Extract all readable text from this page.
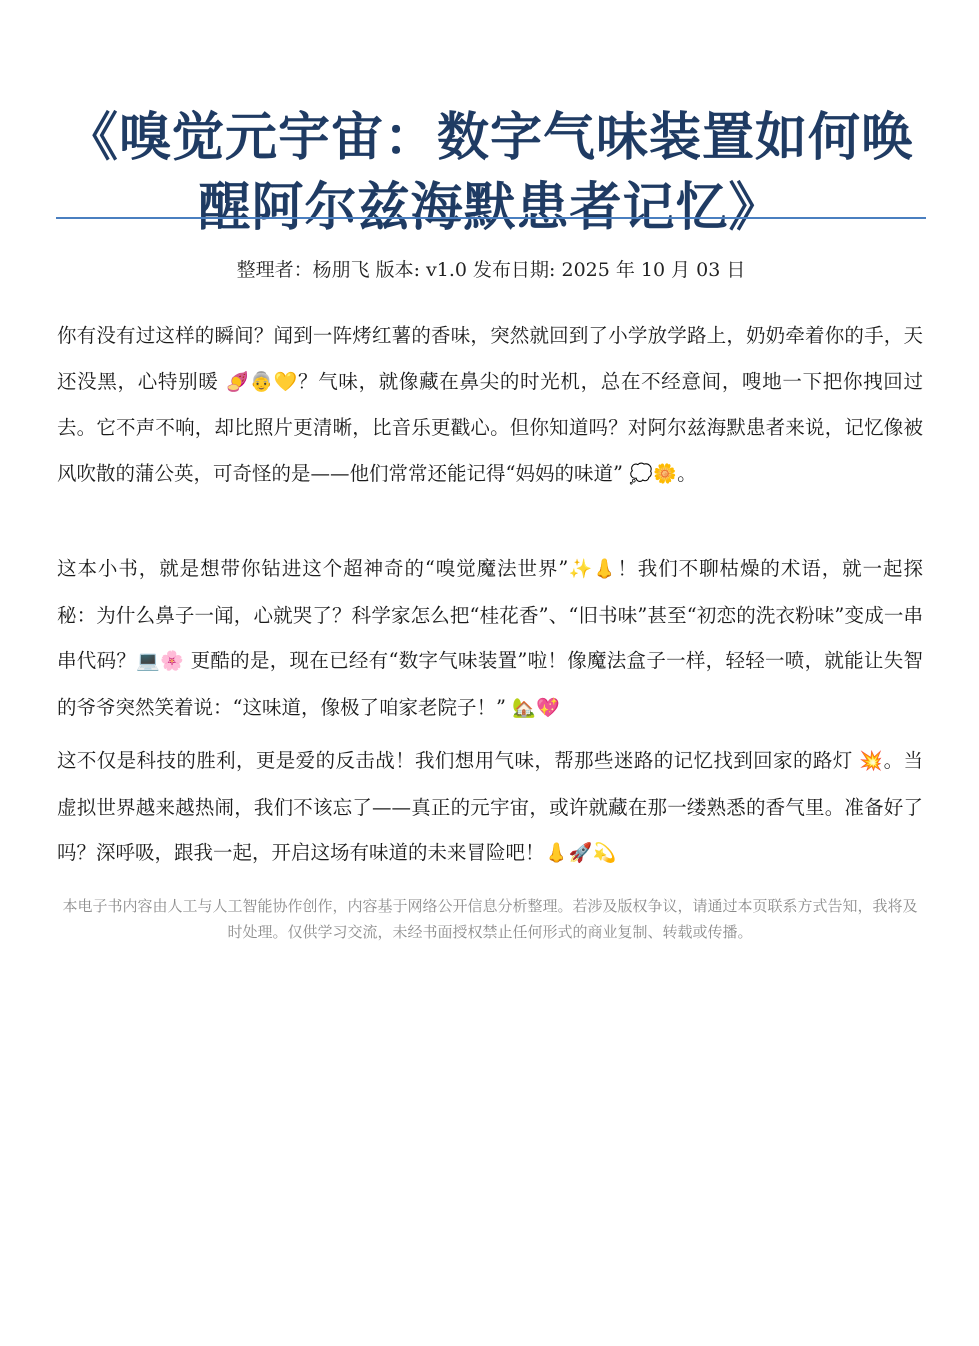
《嗅觉元宇宙：数字气味装置如何唤醒阿尔兹海默患者记忆》
整理者：杨朋飞 版本: v1.0 发布日期: 2025 年 10 月 03 日

你有没有过这样的瞬间？闻到一阵烤红薯的香味，突然就回到了小学放学路上，奶奶牵着你的手，天还没黑，心特别暖 🍠👵💛？气味，就像藏在鼻尖的时光机，总在不经意间，嗖地一下把你拽回过去。它不声不响，却比照片更清晰，比音乐更戳心。但你知道吗？对阿尔兹海默患者来说，记忆像被风吹散的蒲公英，可奇怪的是——他们常常还能记得“妈妈的味道” 💭🌼。

这本小书，就是想带你钻进这个超神奇的“嗅觉魔法世界”✨👃！我们不聊枯燥的术语，就一起探秘：为什么鼻子一闻，心就哭了？科学家怎么把“桂花香”、“旧书味”甚至“初恋的洗衣粉味”变成一串串代码？💻🌸 更酷的是，现在已经有“数字气味装置”啦！像魔法盒子一样，轻轻一喷，就能让失智的爷爷突然笑着说：“这味道，像极了咱家老院子！” 🏡💖

这不仅是科技的胜利，更是爱的反击战！我们想用气味，帮那些迷路的记忆找到回家的路灯 💥。当虚拟世界越来越热闹，我们不该忘了——真正的元宇宙，或许就藏在那一缕熟悉的香气里。准备好了吗？深呼吸，跟我一起，开启这场有味道的未来冒险吧！👃🚀💫

本电子书内容由人工与人工智能协作创作，内容基于网络公开信息分析整理。若涉及版权争议，请通过本页联系方式告知，我将及时处理。仅供学习交流，未经书面授权禁止任何形式的商业复制、转载或传播。
